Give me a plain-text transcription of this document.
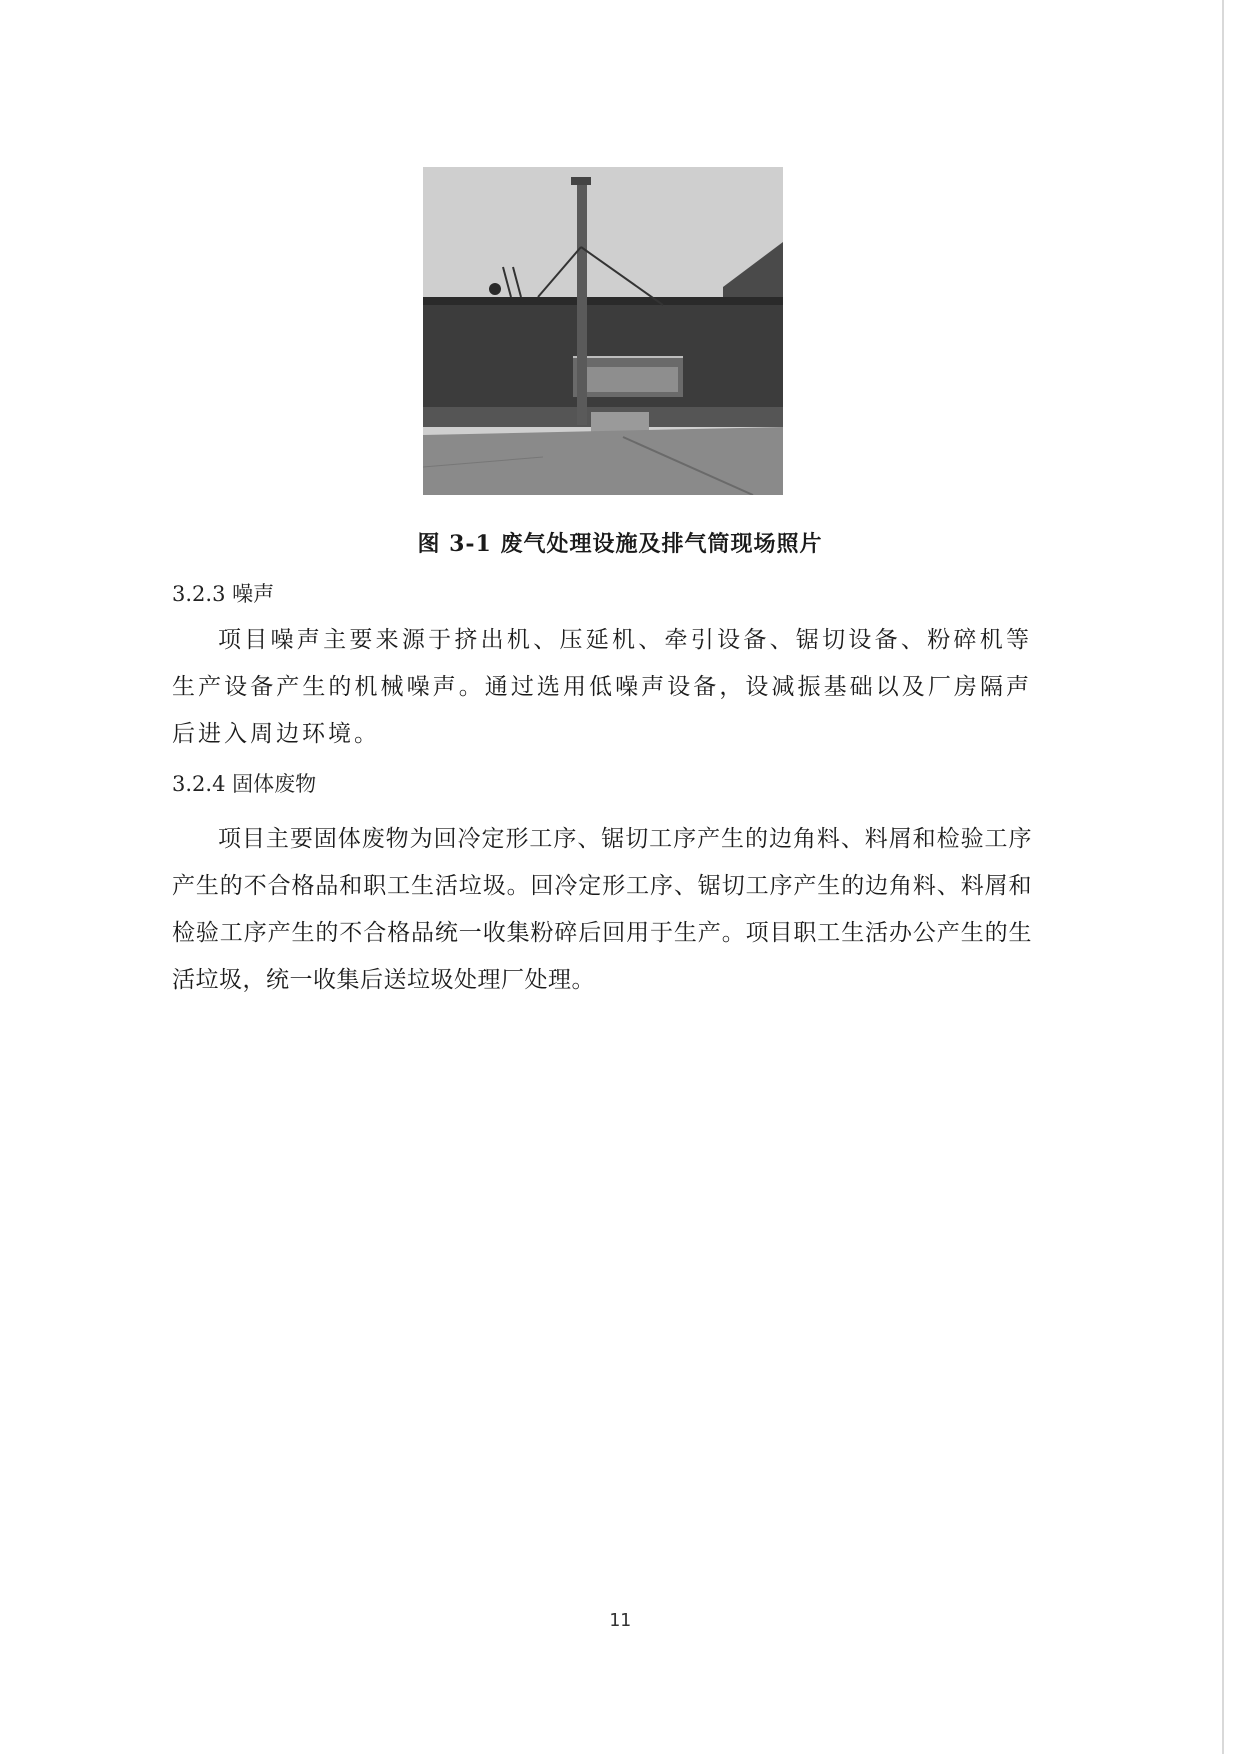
图 3-1 废气处理设施及排气筒现场照片
3.2.3 噪声
项目噪声主要来源于挤出机、压延机、牵引设备、锯切设备、粉碎机等生产设备产生的机械噪声。通过选用低噪声设备，设减振基础以及厂房隔声后进入周边环境。
3.2.4 固体废物
项目主要固体废物为回冷定形工序、锯切工序产生的边角料、料屑和检验工序产生的不合格品和职工生活垃圾。回冷定形工序、锯切工序产生的边角料、料屑和检验工序产生的不合格品统一收集粉碎后回用于生产。项目职工生活办公产生的生活垃圾，统一收集后送垃圾处理厂处理。
11
